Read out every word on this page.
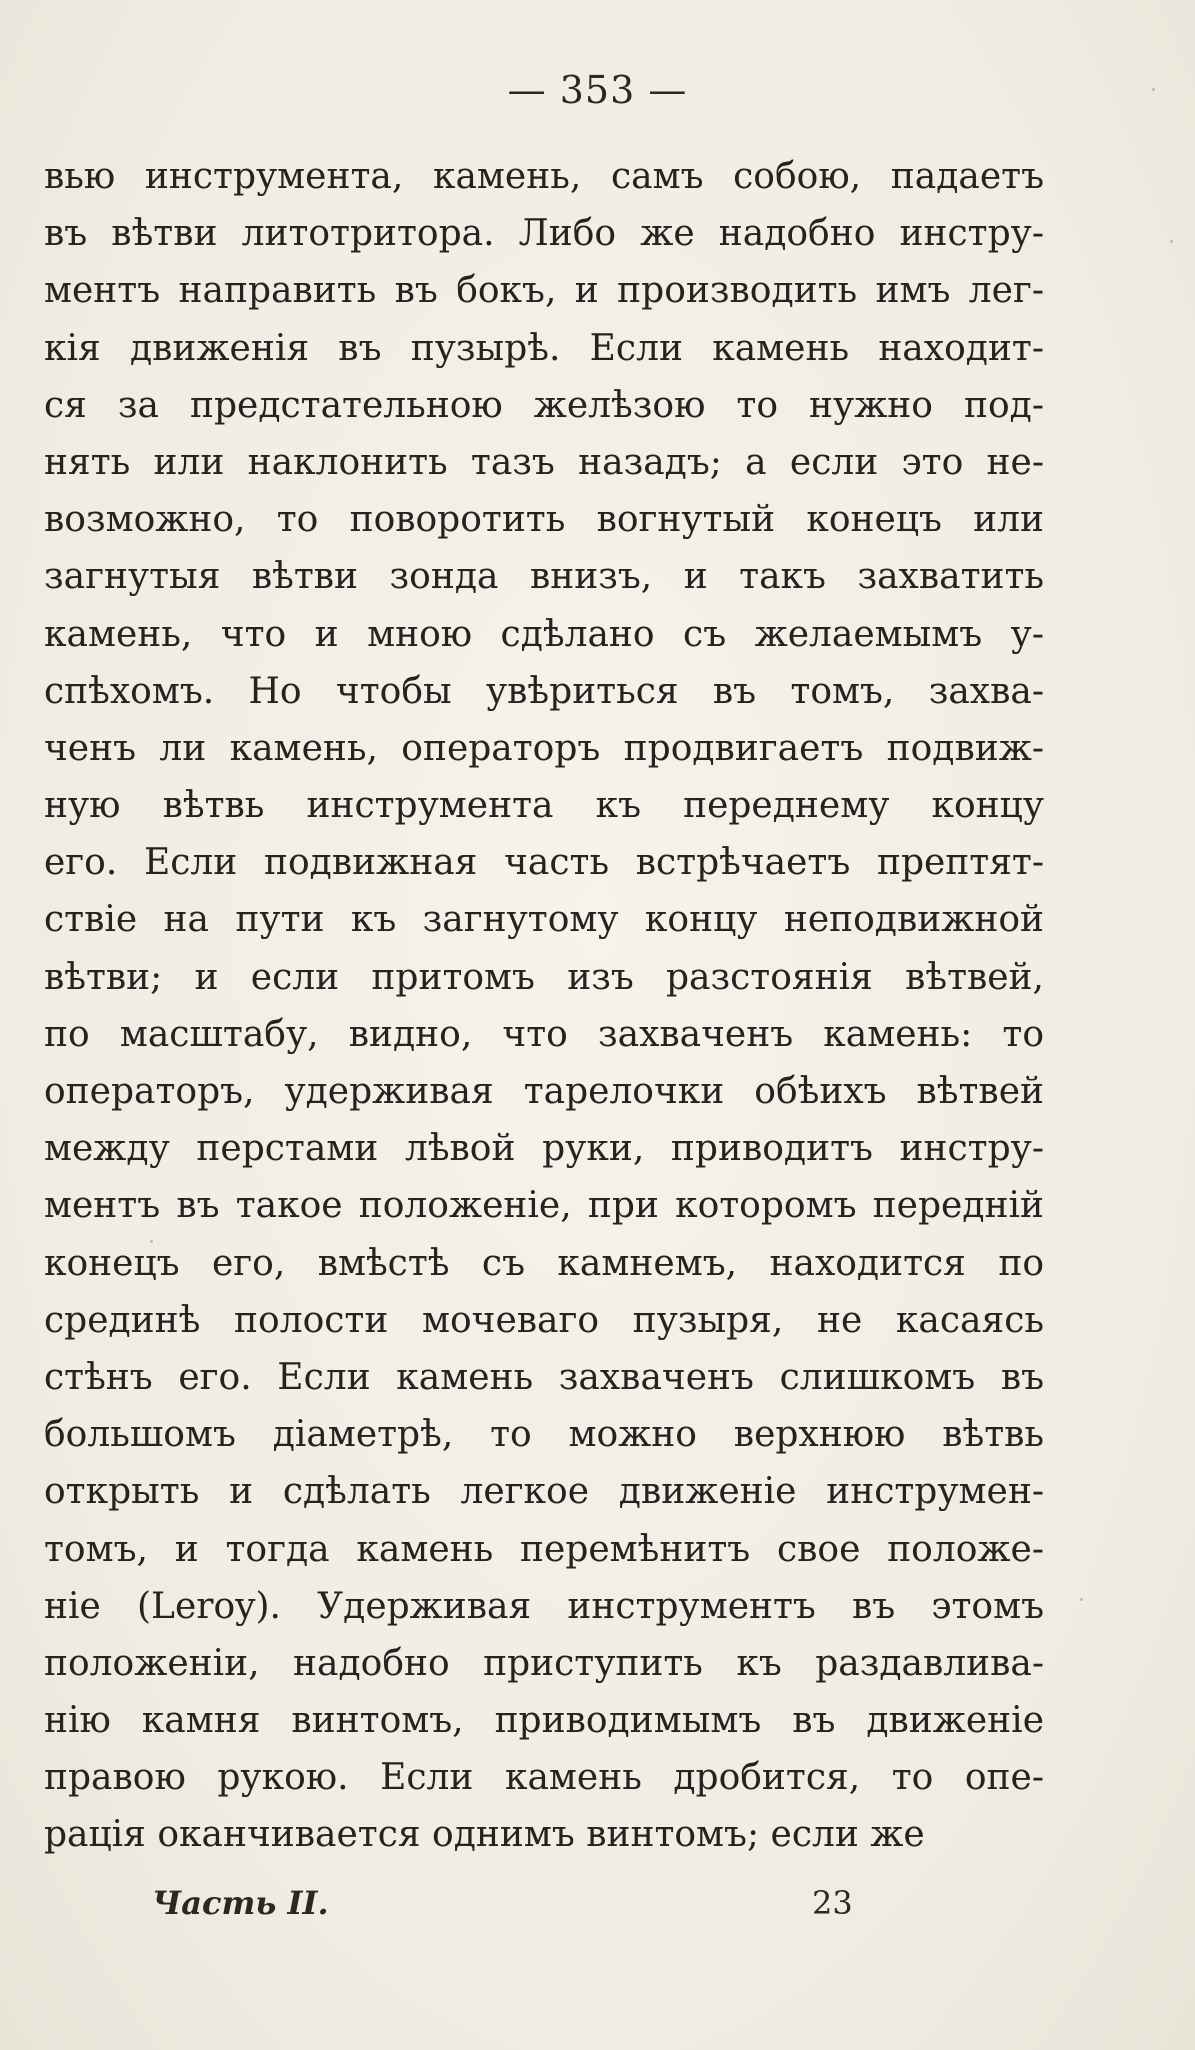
— 353 —
вью инструмента, камень, самъ собою, падаетъ
въ вѣтви литотритора. Либо же надобно инстру-
ментъ направить въ бокъ, и производить имъ лег-
кія движенія въ пузырѣ. Если камень находит-
ся за предстательною желѣзою то нужно под-
нять или наклонить тазъ назадъ; а если это не-
возможно, то поворотить вогнутый конецъ или
загнутыя вѣтви зонда внизъ, и такъ захватить
камень, что и мною сдѣлано съ желаемымъ у-
спѣхомъ. Но чтобы увѣриться въ томъ, захва-
ченъ ли камень, операторъ продвигаетъ подвиж-
ную вѣтвь инструмента къ переднему концу
его. Если подвижная часть встрѣчаетъ прептят-
ствіе на пути къ загнутому концу неподвижной
вѣтви; и если притомъ изъ разстоянія вѣтвей,
по масштабу, видно, что захваченъ камень: то
операторъ, удерживая тарелочки обѣихъ вѣтвей
между перстами лѣвой руки, приводитъ инстру-
ментъ въ такое положеніе, при которомъ передній
конецъ его, вмѣстѣ съ камнемъ, находится по
срединѣ полости мочеваго пузыря, не касаясь
стѣнъ его. Если камень захваченъ слишкомъ въ
большомъ діаметрѣ, то можно верхнюю вѣтвь
открыть и сдѣлать легкое движеніе инструмен-
томъ, и тогда камень перемѣнитъ свое положе-
ніе (Leroy). Удерживая инструментъ въ этомъ
положеніи, надобно приступить къ раздавлива-
нію камня винтомъ, приводимымъ въ движеніе
правою рукою. Если камень дробится, то опе-
рація оканчивается однимъ винтомъ; если же
Часть II.	23
